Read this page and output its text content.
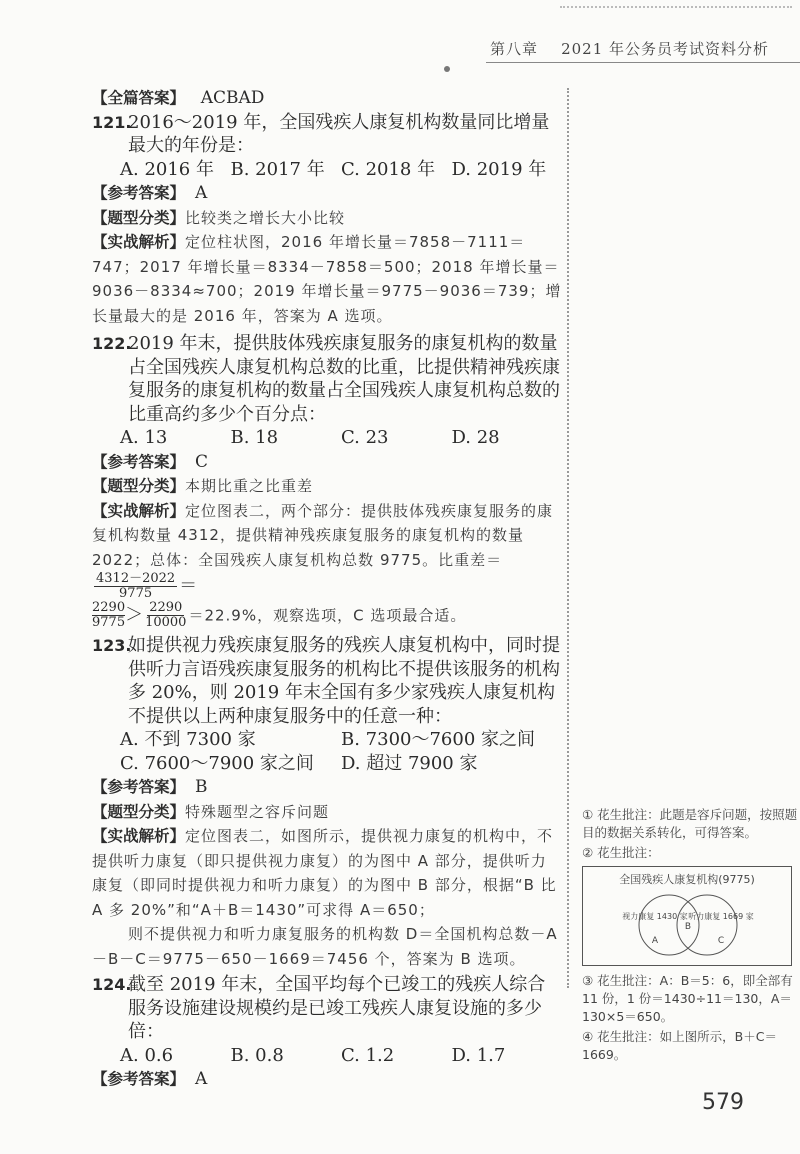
第八章 2021 年公务员考试资料分析

【全篇答案】 ACBAD

121.2016～2019 年，全国残疾人康复机构数量同比增量最大的年份是：

A. 2016 年 B. 2017 年 C. 2018 年 D. 2019 年

【参考答案】 A

【题型分类】比较类之增长大小比较

【实战解析】定位柱状图，2016 年增长量＝7858－7111＝747；2017 年增长量＝8334－7858＝500；2018 年增长量＝9036－8334≈700；2019 年增长量＝9775－9036＝739；增长量最大的是 2016 年，答案为 A 选项。

122.2019 年末，提供肢体残疾康复服务的康复机构的数量占全国残疾人康复机构总数的比重，比提供精神残疾康复服务的康复机构的数量占全国残疾人康复机构总数的比重高约多少个百分点：

A. 13	B. 18	C. 23	D. 28

【参考答案】 C

【题型分类】本期比重之比重差

【实战解析】定位图表二，两个部分：提供肢体残疾康复服务的康复机构数量 4312，提供精神残疾康复服务的康复机构的数量 2022；总体：全国残疾人康复机构总数 9775。比重差＝
$\frac{4312-2022}{9775}$ ＝

$\frac{2290}{9775} > \frac{2290}{10000} =22.9\%$，观察选项，C 选项最合适。

123.如提供视力残疾康复服务的残疾人康复机构中，同时提供听力言语残疾康复服务的机构比不提供该服务的机构多 20%，则 2019 年末全国有多少家残疾人康复机构不提供以上两种康复服务中的任意一种：

A. 不到 7300 家	B. 7300～7600 家之间
C. 7600～7900 家之间	D. 超过 7900 家

【参考答案】 B

【题型分类】特殊题型之容斥问题

【实战解析】定位图表二，如图所示，提供视力康复的机构中，不提供听力康复（即只提供视力康复）的为图中 A 部分，提供听力康复（即同时提供视力和听力康复）的为图中 B 部分，根据“B 比 A 多 20%”和“A＋B＝1430”可求得 A＝650；

则不提供视力和听力康复服务的机构数 D＝全国机构总数－A－B－C＝9775－650－1669＝7456 个，答案为 B 选项。

124.截至 2019 年末，全国平均每个已竣工的残疾人综合服务设施建设规模约是已竣工残疾人康复设施的多少倍：

A. 0.6	B. 0.8	C. 1.2	D. 1.7

【参考答案】 A

① 花生批注：此题是容斥问题，按照题目的数据关系转化，可得答案。

② 花生批注：

全国残疾人康复机构(9775)
视力康复 1430 家
A
B
听力康复 1669 家
C

③ 花生批注：A：B＝5：6，即全部有 11 份，1 份＝1430÷11＝130，A＝130×5＝650。

④ 花生批注：如上图所示，B＋C＝1669。

579
